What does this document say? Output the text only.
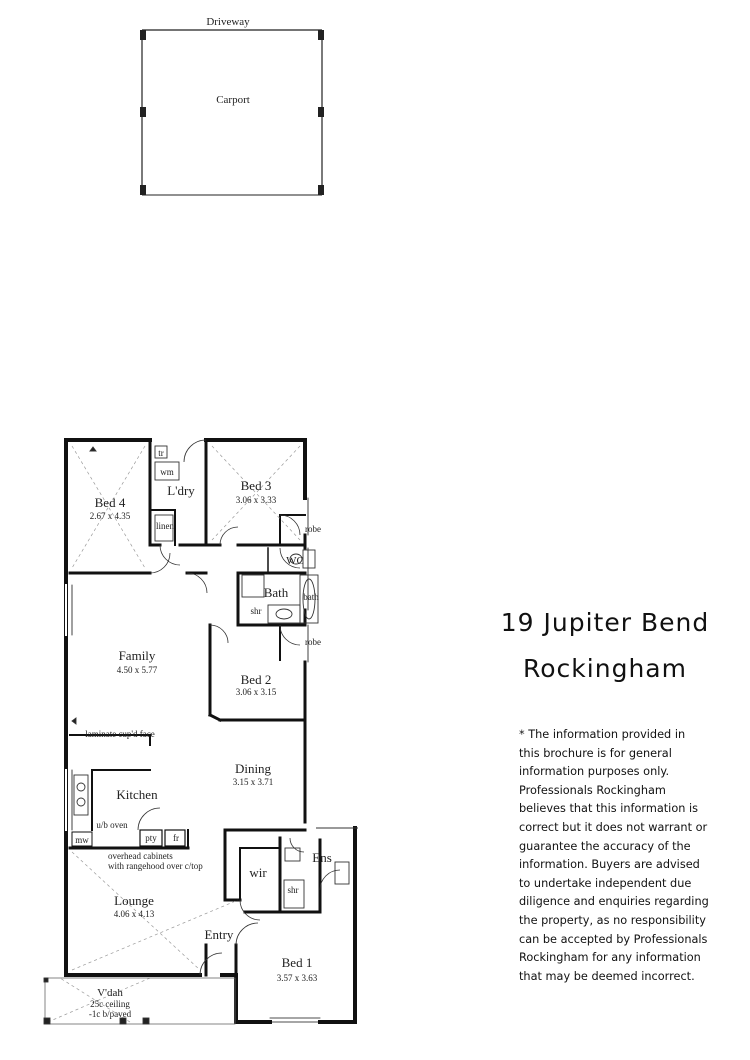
Driveway
Carport
Bed 4
2.67 x 4.35
L'dry	Bed 3
3.06 x 3.33
Bath
Family
4.50 x 5.77
Bed 2
3.06 x 3.15
Kitchen
Dining
3.15 x 3.71
wir
Ens
Lounge
4.06 x 4.13
Entry
Bed 1
3.57 x 3.63
tr
wm
linen	robe
WC
shr
bath
robe
laminate cup'd face
u/b oven
mw	pty fr
overhead cabinets
with rangehood over c/top
shr
V'dah
25c ceiling
-1c b/paved

19 Jupiter Bend

Rockingham

* The information provided in this brochure is for general information purposes only. Professionals Rockingham believes that this information is correct but it does not warrant or guarantee the accuracy of the information. Buyers are advised to undertake independent due diligence and enquiries regarding the property, as no responsibility can be accepted by Professionals Rockingham for any information that may be deemed incorrect.
